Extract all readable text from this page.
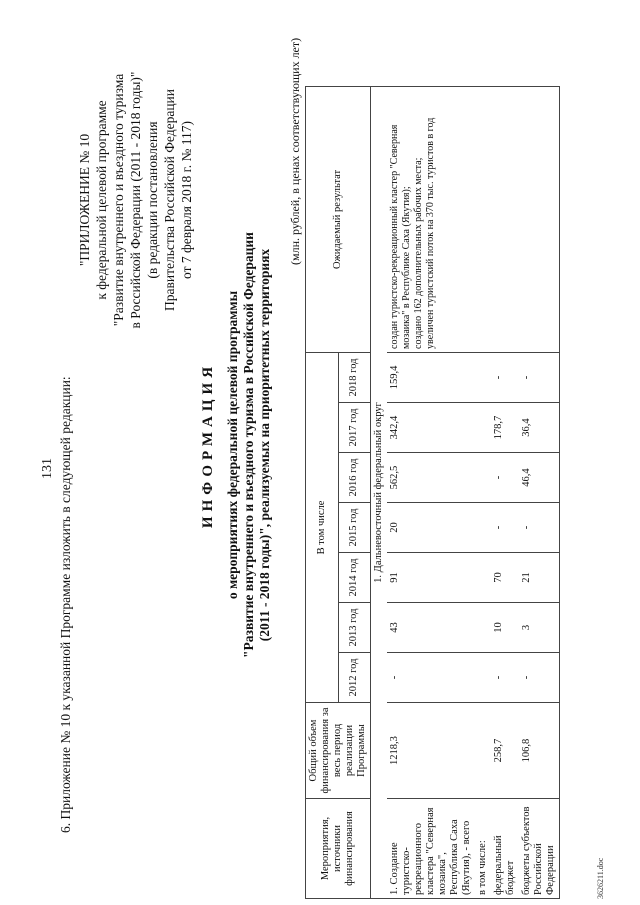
131 6. Приложение № 10 к указанной Программе изложить в следующей редакции:
"ПРИЛОЖЕНИЕ № 10 к федеральной целевой программе "Развитие внутреннего и въездного туризма в Российской Федерации (2011 - 2018 годы)" (в редакции постановления Правительства Российской Федерации от 7 февраля 2018 г. № 117)
ИНФОРМАЦИЯ о мероприятиях федеральной целевой программы "Развитие внутреннего и въездного туризма в Российской Федерации (2011 - 2018 годы)", реализуемых на приоритетных территориях
(млн. рублей, в ценах соответствующих лет)
Мероприятия, источники финансирования	Общий объем финансирования за весь период реализации Программы	В том числе							Ожидаемый результат
		2012 год	2013 год	2014 год	2015 год	2016 год	2017 год	2018 год	
1. Дальневосточный федеральный округ									
1. Создание туристско-рекреационного кластера "Северная мозаика", Республика Саха (Якутия), - всего	1218,3	-	43	91	20	562,5	342,4	159,4	создан туристско-рекреационный кластер "Северная мозаика" в Республике Саха (Якутия); создано 162 дополнительных рабочих места; увеличен туристский поток на 370 тыс. туристов в год

в том числе:									
федеральный бюджет	258,7	-	10	70	-	-	178,7	-	
бюджеты субъектов Российской Федерации	106,8	-	3	21	-	46,4	36,4	-	
3626211.doc
